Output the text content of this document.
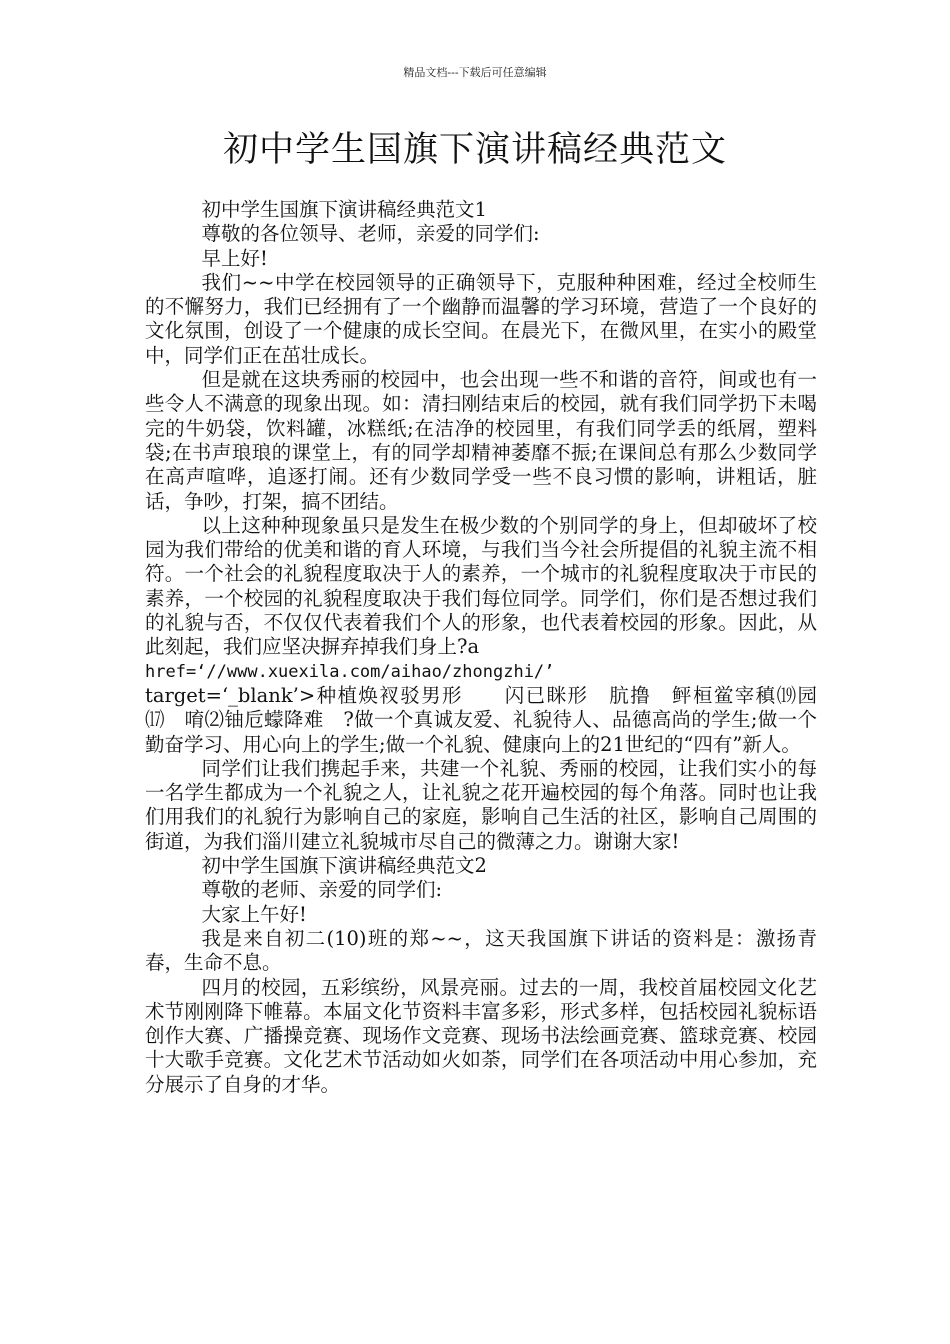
精品文档---下载后可任意编辑
初中学生国旗下演讲稿经典范文

初中学生国旗下演讲稿经典范文1

尊敬的各位领导、老师，亲爱的同学们:

早上好!

我们~~中学在校园领导的正确领导下，克服种种困难，经过全校师生的不懈努力，我们已经拥有了一个幽静而温馨的学习环境，营造了一个良好的文化氛围，创设了一个健康的成长空间。在晨光下，在微风里，在实小的殿堂中，同学们正在茁壮成长。

但是就在这块秀丽的校园中，也会出现一些不和谐的音符，间或也有一些令人不满意的现象出现。如：清扫刚结束后的校园，就有我们同学扔下未喝完的牛奶袋，饮料罐，冰糕纸;在洁净的校园里，有我们同学丢的纸屑，塑料袋;在书声琅琅的课堂上，有的同学却精神萎靡不振;在课间总有那么少数同学在高声喧哗，追逐打闹。还有少数同学受一些不良习惯的影响，讲粗话，脏话，争吵，打架，搞不团结。

以上这种种现象虽只是发生在极少数的个别同学的身上，但却破坏了校园为我们带给的优美和谐的育人环境，与我们当今社会所提倡的礼貌主流不相符。一个社会的礼貌程度取决于人的素养，一个城市的礼貌程度取决于市民的素养，一个校园的礼貌程度取决于我们每位同学。同学们，你们是否想过我们的礼貌与否，不仅仅代表着我们个人的形象，也代表着校园的形象。因此，从此刻起，我们应坚决摒弃掉我们身上?a

href=‘//www.xuexila.com/aihao/zhongzhi/’

target=‘_blank’>种植焕衩驳男形　　闪已眯形　肮撸　鲆桓鲎宰稹⒆园　⒄　唷⑵铀卮蠓降难　?做一个真诚友爱、礼貌待人、品德高尚的学生;做一个勤奋学习、用心向上的学生;做一个礼貌、健康向上的21世纪的“四有”新人。

同学们让我们携起手来，共建一个礼貌、秀丽的校园，让我们实小的每一名学生都成为一个礼貌之人，让礼貌之花开遍校园的每个角落。同时也让我们用我们的礼貌行为影响自己的家庭，影响自己生活的社区，影响自己周围的街道，为我们淄川建立礼貌城市尽自己的微薄之力。谢谢大家!

初中学生国旗下演讲稿经典范文2

尊敬的老师、亲爱的同学们:

大家上午好!

我是来自初二(10)班的郑~~，这天我国旗下讲话的资料是：激扬青春，生命不息。

四月的校园，五彩缤纷，风景亮丽。过去的一周，我校首届校园文化艺术节刚刚降下帷幕。本届文化节资料丰富多彩，形式多样，包括校园礼貌标语创作大赛、广播操竞赛、现场作文竞赛、现场书法绘画竞赛、篮球竞赛、校园十大歌手竞赛。文化艺术节活动如火如荼，同学们在各项活动中用心参加，充分展示了自身的才华。
